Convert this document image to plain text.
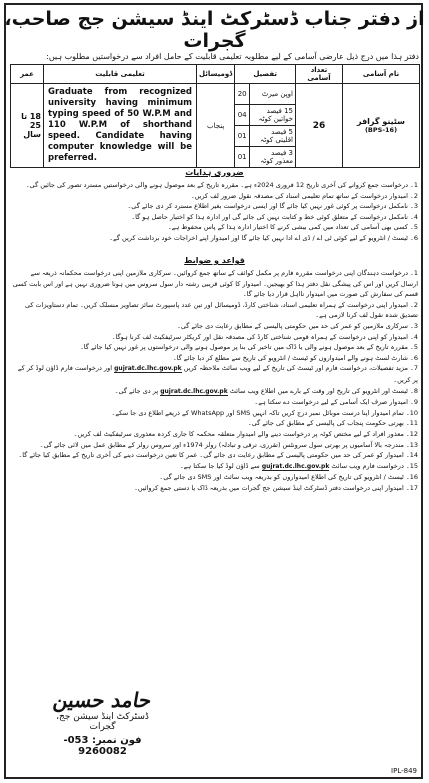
از دفتر جناب ڈسٹرکٹ اینڈ سیشن جج صاحب، گجرات
دفتر ہذا میں درج ذیل عارضی آسامی کے لیے مطلوبہ تعلیمی قابلیت کے حامل افراد سے درخواستیں مطلوب ہیں:
عمر	تعلیمی قابلیت	ڈومیسائل	تفصیل		تعداد آسامی	نام آسامی
18 تا 25 سال	Graduate from recognized university having minimum typing speed of 50 W.P.M and 110 W.P.M of shorthand speed. Candidate having computer knowledge will be preferred.	پنجاب	20	اوپن میرٹ	26	سٹینو گرافر
(BPS-16)

			04	15 فیصد خواتین کوٹہ		
			01	5 فیصد اقلیتی کوٹہ		
			01	3 فیصد معذور کوٹہ		
ضروری ہدایات

1۔ درخواست جمع کروانے کی آخری تاریخ 12 فروری 2024ء ہے۔ مقررہ تاریخ کے بعد موصول ہونے والی درخواستیں مسترد تصور کی جائیں گی۔

2۔ امیدوار درخواست کے ساتھ تمام تعلیمی اسناد کی مصدقہ نقول ضرور لف کریں۔

3۔ نامکمل درخواست پر کوئی غور نہیں کیا جائے گا اور ایسی درخواست بغیر اطلاع مسترد کر دی جائے گی۔

4۔ نامکمل درخواست کے متعلق کوئی خط و کتابت نہیں کی جائے گی اور ادارہ ہذا کو اختیار حاصل ہو گا۔

5۔ کسی بھی آسامی کی تعداد میں کمی بیشی کرنے کا اختیار ادارہ ہذا کے پاس محفوظ ہے۔

6۔ ٹیسٹ / انٹرویو کے لیے کوئی ٹی اے / ڈی اے ادا نہیں کیا جائے گا اور امیدوار اپنے اخراجات خود برداشت کریں گے۔

قواعد و ضوابط

1۔ درخواست دہندگان اپنی درخواست مقررہ فارم پر مکمل کوائف کے ساتھ جمع کروائیں۔ سرکاری ملازمین اپنی درخواست محکمانہ ذریعہ سے ارسال کریں اور اس کی پیشگی نقل دفتر ہذا کو بھیجیں۔ امیدوار کا کوئی قریبی رشتہ دار سول سروس میں ہونا ضروری نہیں ہے اور اس بابت کسی قسم کی سفارش کی صورت میں امیدوار نااہل قرار دیا جائے گا۔

2۔ امیدوار اپنی درخواست کے ہمراہ تعلیمی اسناد، شناختی کارڈ، ڈومیسائل اور تین عدد پاسپورٹ سائز تصاویر منسلک کریں۔ تمام دستاویزات کی تصدیق شدہ نقول لف کرنا لازمی ہے۔

3۔ سرکاری ملازمین کو عمر کی حد میں حکومتی پالیسی کے مطابق رعایت دی جائے گی۔

4۔ امیدوار کو اپنی درخواست کے ہمراہ قومی شناختی کارڈ کی مصدقہ نقل اور کریکٹر سرٹیفکیٹ لف کرنا ہوگا۔

5۔ مقررہ تاریخ کے بعد موصول ہونے والی یا ڈاک میں تاخیر کی بنا پر موصول ہونے والی درخواستوں پر غور نہیں کیا جائے گا۔

6۔ شارٹ لسٹ ہونے والے امیدواروں کو ٹیسٹ / انٹرویو کی تاریخ سے مطلع کر دیا جائے گا۔

7۔ مزید تفصیلات، درخواست فارم اور ٹیسٹ کی تاریخ کے لیے ویب سائٹ ملاحظہ کریں gujrat.dc.lhc.gov.pk اور درخواست فارم ڈاؤن لوڈ کر کے پر کریں۔

8۔ ٹیسٹ اور انٹرویو کی تاریخ اور وقت کے بارے میں اطلاع ویب سائٹ gujrat.dc.lhc.gov.pk پر دی جائے گی۔

9۔ امیدوار صرف ایک آسامی کے لیے درخواست دے سکتا ہے۔

10۔ تمام امیدوار اپنا درست موبائل نمبر درج کریں تاکہ انہیں SMS اور WhatsApp کے ذریعے اطلاع دی جا سکے۔

11۔ بھرتی حکومت پنجاب کی پالیسی کے مطابق کی جائے گی۔

12۔ معذور افراد کے لیے مختص کوٹہ پر درخواست دینے والے امیدوار متعلقہ محکمہ کا جاری کردہ معذوری سرٹیفکیٹ لف کریں۔

13۔ مندرجہ بالا آسامیوں پر بھرتی سول سرونٹس (تقرری، ترقی و تبادلہ) رولز 1974ء اور سروس رولز کے مطابق عمل میں لائی جائے گی۔

14۔ امیدوار کو عمر کی حد میں حکومتی پالیسی کے مطابق رعایت دی جائے گی۔ عمر کا تعین درخواست دینے کی آخری تاریخ کے مطابق کیا جائے گا۔

15۔ درخواست فارم ویب سائٹ gujrat.dc.lhc.gov.pk سے ڈاؤن لوڈ کیا جا سکتا ہے۔

16۔ ٹیسٹ / انٹرویو کی تاریخ کی اطلاع امیدواروں کو بذریعہ ویب سائٹ اور SMS دی جائے گی۔

17۔ امیدوار اپنی درخواست دفتر ڈسٹرکٹ اینڈ سیشن جج گجرات میں بذریعہ ڈاک یا دستی جمع کروائیں۔

حامد حسین
ڈسٹرکٹ اینڈ سیشن جج، گجرات
فون نمبر: 053-9260082
IPL-849
